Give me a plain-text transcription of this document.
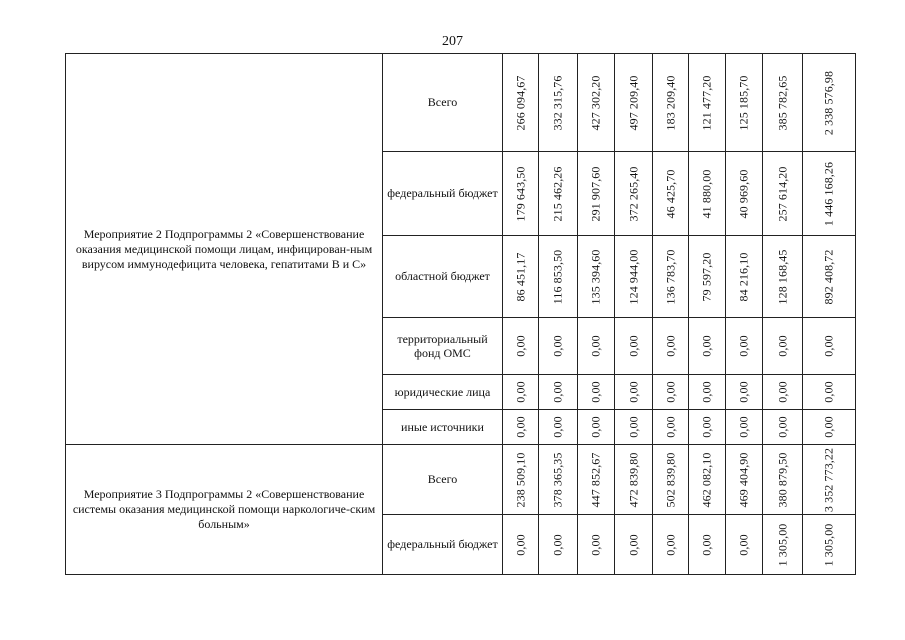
207
Мероприятие 2 Подпрограммы 2 «Совершенствование оказания медицинской помощи лицам, инфицирован-ным вирусом иммунодефицита человека, гепатитами В и С»	Всего	266 094,67	332 315,76	427 302,20	497 209,40	183 209,40	121 477,20	125 185,70	385 782,65	2 338 576,98

	федеральный бюджет	179 643,50	215 462,26	291 907,60	372 265,40	46 425,70	41 880,00	40 969,60	257 614,20	1 446 168,26

	областной бюджет	86 451,17	116 853,50	135 394,60	124 944,00	136 783,70	79 597,20	84 216,10	128 168,45	892 408,72

	территориальный фонд ОМС	0,00	0,00	0,00	0,00	0,00	0,00	0,00	0,00	0,00

	юридические лица	0,00	0,00	0,00	0,00	0,00	0,00	0,00	0,00	0,00

	иные источники	0,00	0,00	0,00	0,00	0,00	0,00	0,00	0,00	0,00

Мероприятие 3 Подпрограммы 2 «Совершенствование системы оказания медицинской помощи наркологиче-ским больным»	Всего	238 509,10	378 365,35	447 852,67	472 839,80	502 839,80	462 082,10	469 404,90	380 879,50	3 352 773,22

	федеральный бюджет	0,00	0,00	0,00	0,00	0,00	0,00	0,00	1 305,00	1 305,00
